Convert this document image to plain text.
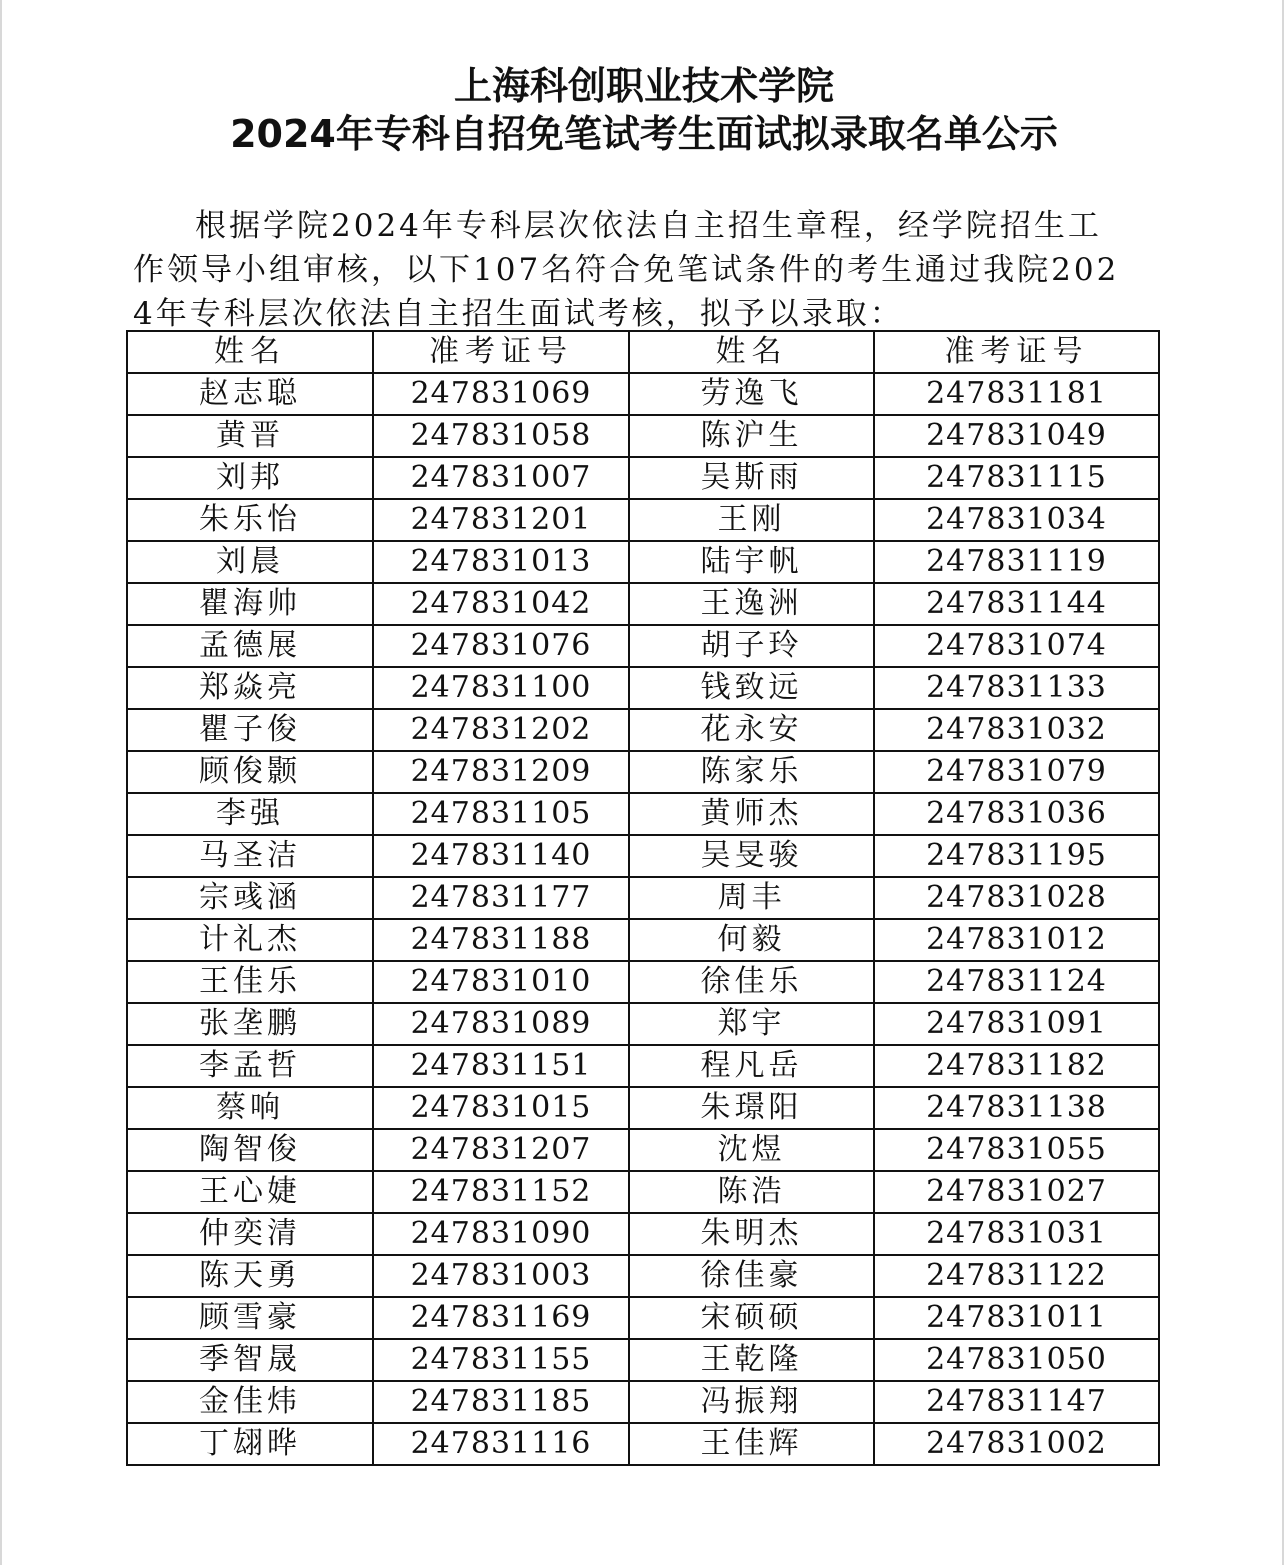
上海科创职业技术学院
2024年专科自招免笔试考生面试拟录取名单公示

根据学院2024年专科层次依法自主招生章程，经学院招生工作领导小组审核，以下107名符合免笔试条件的考生通过我院2024年专科层次依法自主招生面试考核，拟予以录取：

姓名	准考证号	姓名	准考证号
赵志聪	247831069	劳逸飞	247831181
黄晋	247831058	陈沪生	247831049
刘邦	247831007	吴斯雨	247831115
朱乐怡	247831201	王刚	247831034
刘晨	247831013	陆宇帆	247831119
瞿海帅	247831042	王逸洲	247831144
孟德展	247831076	胡子玲	247831074
郑焱亮	247831100	钱致远	247831133
瞿子俊	247831202	花永安	247831032
顾俊颢	247831209	陈家乐	247831079
李强	247831105	黄师杰	247831036
马圣洁	247831140	吴旻骏	247831195
宗彧涵	247831177	周丰	247831028
计礼杰	247831188	何毅	247831012
王佳乐	247831010	徐佳乐	247831124
张垄鹏	247831089	郑宇	247831091
李孟哲	247831151	程凡岳	247831182
蔡响	247831015	朱璟阳	247831138
陶智俊	247831207	沈煜	247831055
王心婕	247831152	陈浩	247831027
仲奕清	247831090	朱明杰	247831031
陈天勇	247831003	徐佳豪	247831122
顾雪豪	247831169	宋硕硕	247831011
季智晟	247831155	王乾隆	247831050
金佳炜	247831185	冯振翔	247831147
丁翃晔	247831116	王佳辉	247831002
